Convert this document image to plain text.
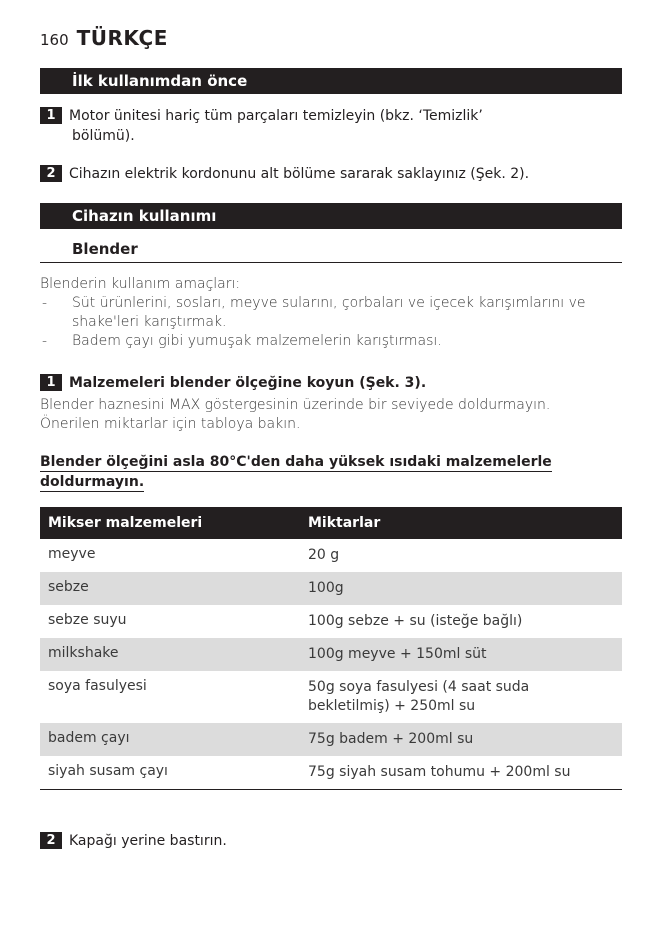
160 TÜRKÇE
İlk kullanımdan önce
1 Motor ünitesi hariç tüm parçaları temizleyin (bkz. ‘Temizlik’
bölümü).
2 Cihazın elektrik kordonunu alt bölüme sararak saklayınız (Şek. 2).
Cihazın kullanımı
Blender
Blenderin kullanım amaçları:
- Süt ürünlerini, sosları, meyve sularını, çorbaları ve içecek karışımlarını ve
shake'leri karıştırmak.
- Badem çayı gibi yumuşak malzemelerin karıştırması.
1 Malzemeleri blender ölçeğine koyun (Şek. 3).
Blender haznesini MAX göstergesinin üzerinde bir seviyede doldurmayın.
Önerilen miktarlar için tabloya bakın.
Blender ölçeğini asla 80°C'den daha yüksek ısıdaki malzemelerle
doldurmayın.
Mikser malzemeleri	Miktarlar
meyve	20 g
sebze	100g
sebze suyu	100g sebze + su (isteğe bağlı)
milkshake	100g meyve + 150ml süt
soya fasulyesi	50g soya fasulyesi (4 saat suda
bekletilmiş) + 250ml su
badem çayı	75g badem + 200ml su
siyah susam çayı	75g siyah susam tohumu + 200ml su
2 Kapağı yerine bastırın.
